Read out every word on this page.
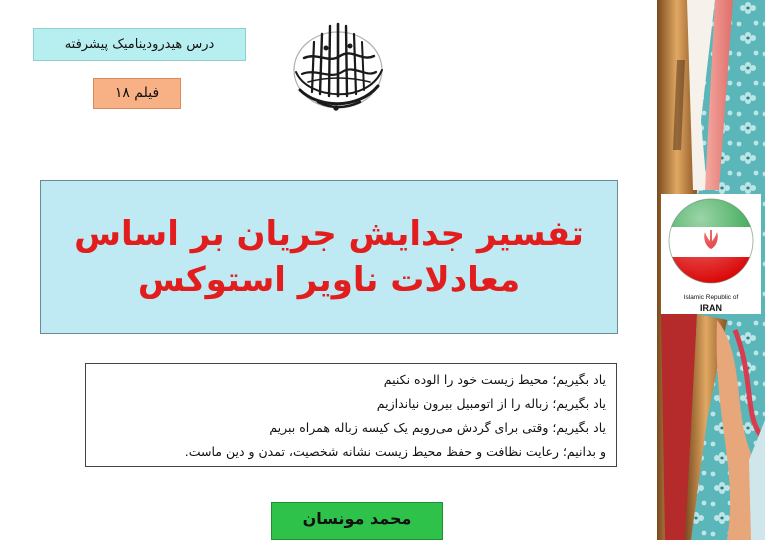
درس هیدرودینامیک پیشرفته
فیلم ۱۸
تفسیر جدایش جریان بر اساس
معادلات ناویر استوکس
یاد بگیریم؛ محیط زیست خود را الوده نکنیم
یاد بگیریم؛ زباله را از اتومبیل بیرون نیاندازیم
یاد بگیریم؛ وقتی برای گردش می‌رویم یک کیسه زباله همراه ببریم
و بدانیم؛ رعایت نظافت و حفظ محیط زیست نشانه شخصیت، تمدن و دین ماست.
محمد مونسان
Islamic Republic of
IRAN
